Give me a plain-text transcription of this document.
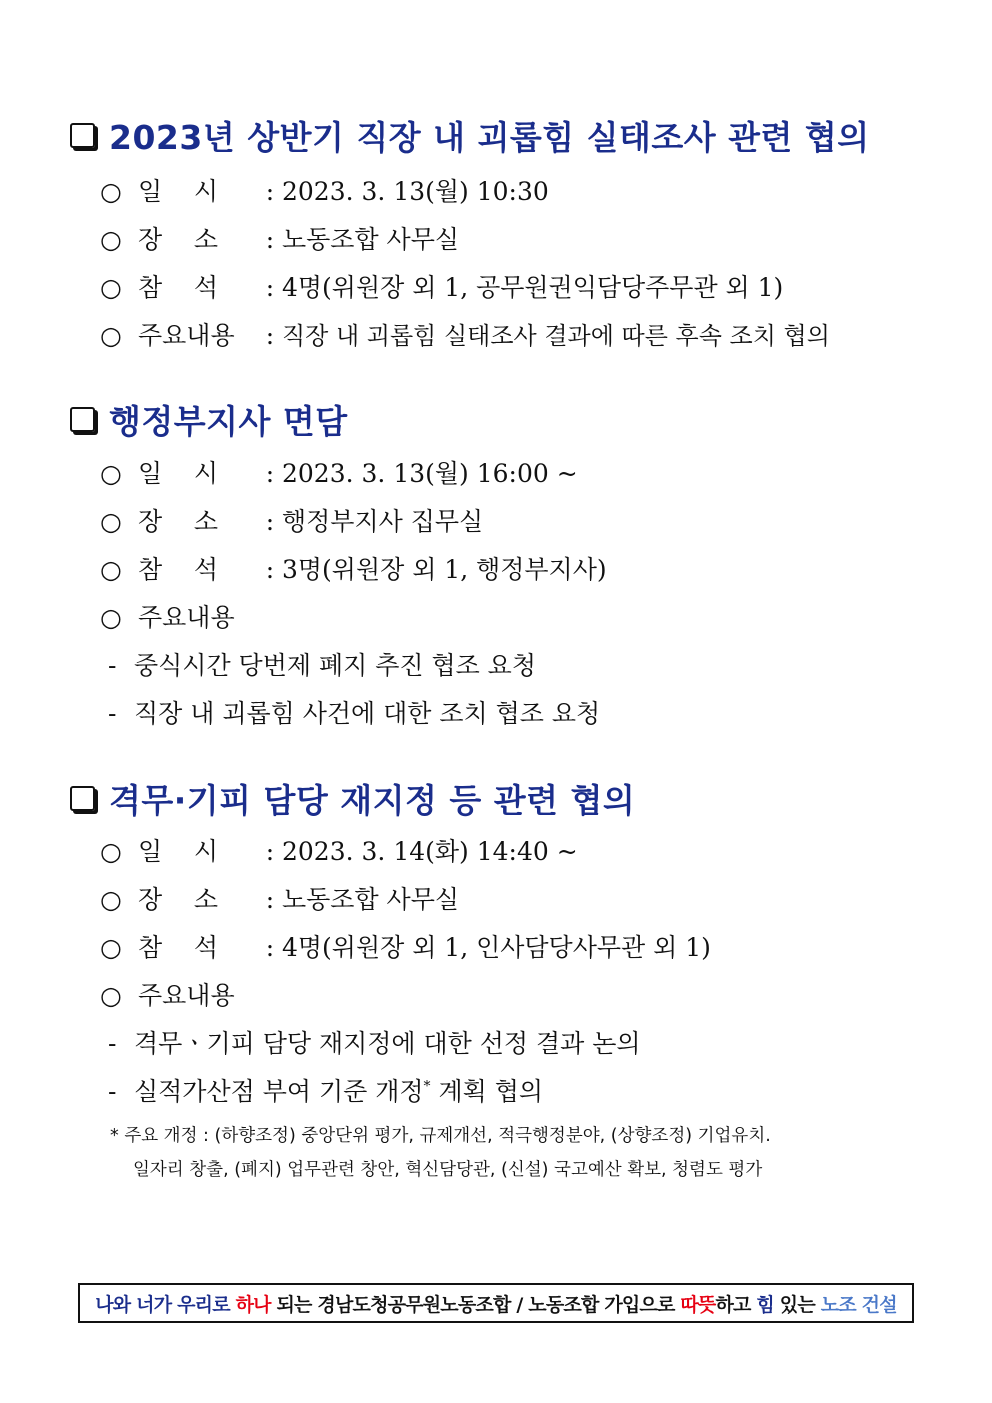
2023년 상반기 직장 내 괴롭힘 실태조사 관련 협의
○ 일    시	: 2023. 3. 13(월) 10:30
○ 장    소	: 노동조합 사무실
○ 참    석	: 4명(위원장 외 1, 공무원권익담당주무관 외 1)
○ 주요내용	: 직장 내 괴롭힘 실태조사 결과에 따른 후속 조치 협의
행정부지사 면담
○ 일    시	: 2023. 3. 13(월) 16:00 ~
○ 장    소	: 행정부지사 집무실
○ 참    석	: 3명(위원장 외 1, 행정부지사)
○ 주요내용
- 중식시간 당번제 폐지 추진 협조 요청
- 직장 내 괴롭힘 사건에 대한 조치 협조 요청
격무·기피 담당 재지정 등 관련 협의
○ 일    시	: 2023. 3. 14(화) 14:40 ~
○ 장    소	: 노동조합 사무실
○ 참    석	: 4명(위원장 외 1, 인사담당사무관 외 1)
○ 주요내용
- 격무ㆍ기피 담당 재지정에 대한 선정 결과 논의
- 실적가산점 부여 기준 개정* 계획 협의
* 주요 개정 : (하향조정) 중앙단위 평가, 규제개선, 적극행정분야, (상향조정) 기업유치.
일자리 창출, (폐지) 업무관련 창안, 혁신담당관, (신설) 국고예산 확보, 청렴도 평가
나와 너가 우리로 하나 되는 경남도청공무원노동조합 / 노동조합 가입으로 따뜻 하고 힘 있는 노조 건설
